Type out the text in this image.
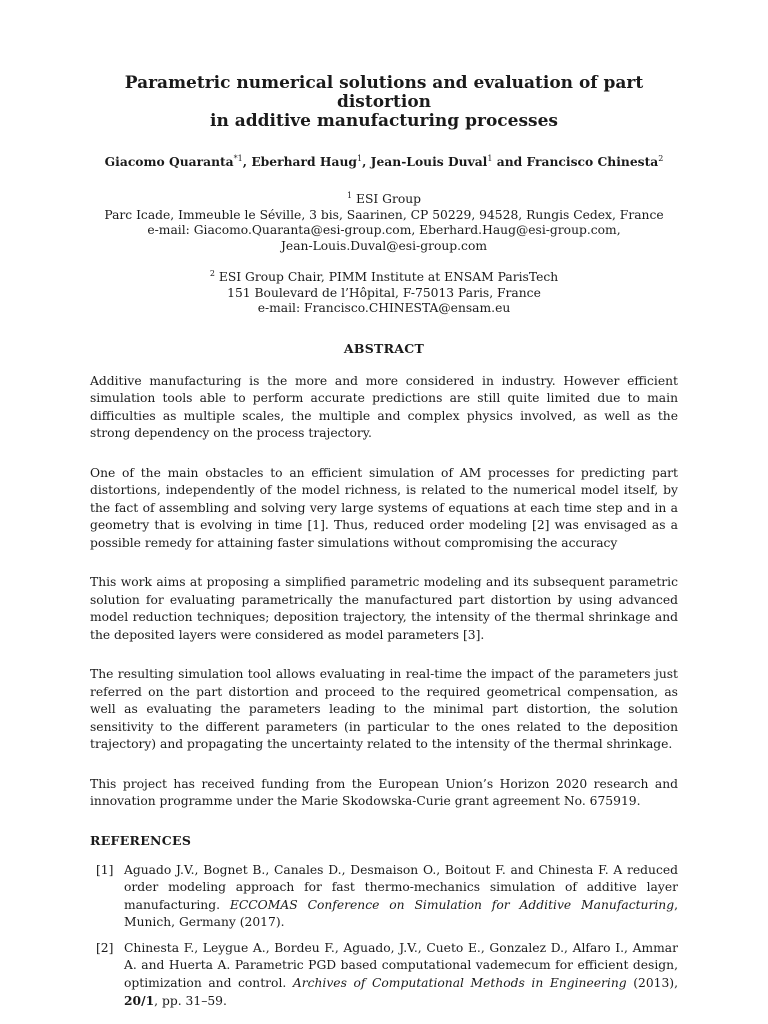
Parametric numerical solutions and evaluation of part distortion
in additive manufacturing processes
Giacomo Quaranta$^{*1}$, Eberhard Haug$^1$, Jean-Louis Duval$^1$ and Francisco Chinesta$^2$
$^1$ ESI Group
Parc Icade, Immeuble le Séville, 3 bis, Saarinen, CP 50229, 94528, Rungis Cedex, France
e-mail: Giacomo.Quaranta@esi-group.com, Eberhard.Haug@esi-group.com,
Jean-Louis.Duval@esi-group.com
$^2$ ESI Group Chair, PIMM Institute at ENSAM ParisTech
151 Boulevard de l’Hôpital, F-75013 Paris, France
e-mail: Francisco.CHINESTA@ensam.eu
ABSTRACT

Additive manufacturing is the more and more considered in industry. However efficient simulation tools able to perform accurate predictions are still quite limited due to main difficulties as multiple scales, the multiple and complex physics involved, as well as the strong dependency on the process trajectory.

One of the main obstacles to an efficient simulation of AM processes for predicting part distortions, independently of the model richness, is related to the numerical model itself, by the fact of assembling and solving very large systems of equations at each time step and in a geometry that is evolving in time [1]. Thus, reduced order modeling [2] was envisaged as a possible remedy for attaining faster simulations without compromising the accuracy

This work aims at proposing a simplified parametric modeling and its subsequent parametric solution for evaluating parametrically the manufactured part distortion by using advanced model reduction techniques; deposition trajectory, the intensity of the thermal shrinkage and the deposited layers were considered as model parameters [3].

The resulting simulation tool allows evaluating in real-time the impact of the parameters just referred on the part distortion and proceed to the required geometrical compensation, as well as evaluating the parameters leading to the minimal part distortion, the solution sensitivity to the different parameters (in particular to the ones related to the deposition trajectory) and propagating the uncertainty related to the intensity of the thermal shrinkage.

This project has received funding from the European Union’s Horizon 2020 research and innovation programme under the Marie Skodowska-Curie grant agreement No. 675919.

REFERENCES
[1] Aguado J.V., Bognet B., Canales D., Desmaison O., Boitout F. and Chinesta F. A reduced order modeling approach for fast thermo-mechanics simulation of additive layer manufacturing. ECCOMAS Conference on Simulation for Additive Manufacturing, Munich, Germany (2017).
[2] Chinesta F., Leygue A., Bordeu F., Aguado, J.V., Cueto E., Gonzalez D., Alfaro I., Ammar A. and Huerta A. Parametric PGD based computational vademecum for efficient design, optimization and control. Archives of Computational Methods in Engineering (2013), 20/1, pp. 31–59.
